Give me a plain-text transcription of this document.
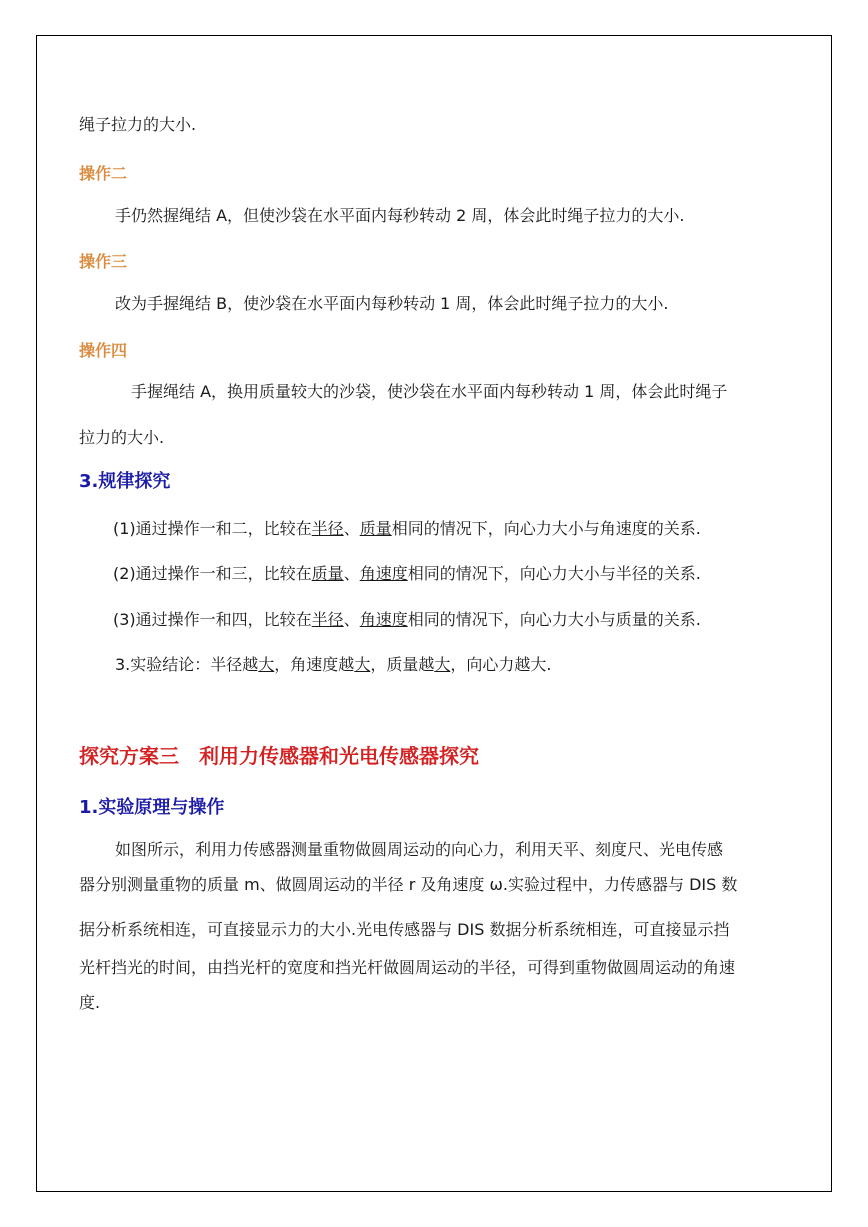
绳子拉力的大小.
操作二
手仍然握绳结 A，但使沙袋在水平面内每秒转动 2 周，体会此时绳子拉力的大小.
操作三
改为手握绳结 B，使沙袋在水平面内每秒转动 1 周，体会此时绳子拉力的大小.
操作四
手握绳结 A，换用质量较大的沙袋，使沙袋在水平面内每秒转动 1 周，体会此时绳子
拉力的大小.
3.规律探究
(1)通过操作一和二，比较在半径、质量相同的情况下，向心力大小与角速度的关系.
(2)通过操作一和三，比较在质量、角速度相同的情况下，向心力大小与半径的关系.
(3)通过操作一和四，比较在半径、角速度相同的情况下，向心力大小与质量的关系.
3.实验结论：半径越大，角速度越大，质量越大，向心力越大.
探究方案三　利用力传感器和光电传感器探究
1.实验原理与操作
如图所示，利用力传感器测量重物做圆周运动的向心力，利用天平、刻度尺、光电传感
器分别测量重物的质量 m、做圆周运动的半径 r 及角速度 ω.实验过程中，力传感器与 DIS 数
据分析系统相连，可直接显示力的大小.光电传感器与 DIS 数据分析系统相连，可直接显示挡
光杆挡光的时间，由挡光杆的宽度和挡光杆做圆周运动的半径，可得到重物做圆周运动的角速
度.
